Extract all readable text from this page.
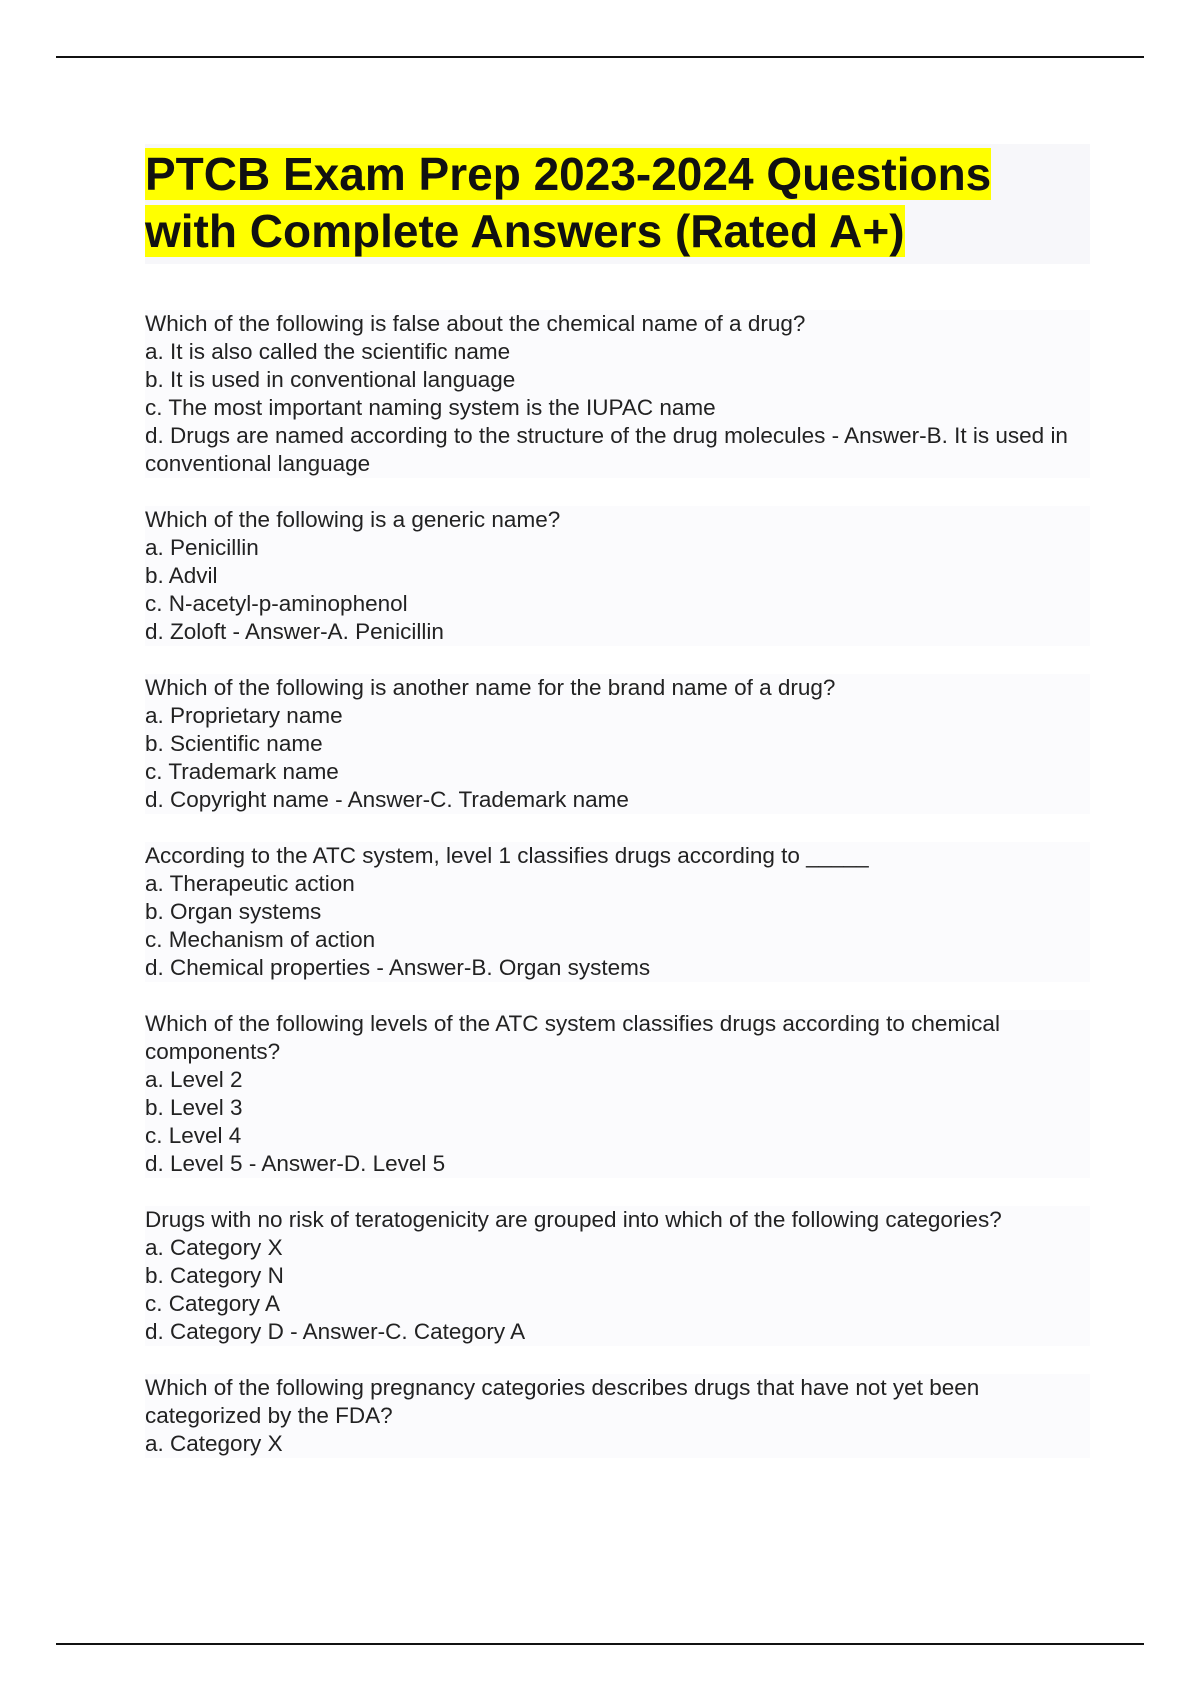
PTCB Exam Prep 2023-2024 Questions
with Complete Answers (Rated A+)
Which of the following is false about the chemical name of a drug?
a. It is also called the scientific name
b. It is used in conventional language
c. The most important naming system is the IUPAC name
d. Drugs are named according to the structure of the drug molecules - Answer-B. It is used in conventional language
Which of the following is a generic name?
a. Penicillin
b. Advil
c. N-acetyl-p-aminophenol
d. Zoloft - Answer-A. Penicillin
Which of the following is another name for the brand name of a drug?
a. Proprietary name
b. Scientific name
c. Trademark name
d. Copyright name - Answer-C. Trademark name
According to the ATC system, level 1 classifies drugs according to _____
a. Therapeutic action
b. Organ systems
c. Mechanism of action
d. Chemical properties - Answer-B. Organ systems
Which of the following levels of the ATC system classifies drugs according to chemical components?
a. Level 2
b. Level 3
c. Level 4
d. Level 5 - Answer-D. Level 5
Drugs with no risk of teratogenicity are grouped into which of the following categories?
a. Category X
b. Category N
c. Category A
d. Category D - Answer-C. Category A
Which of the following pregnancy categories describes drugs that have not yet been categorized by the FDA?
a. Category X
